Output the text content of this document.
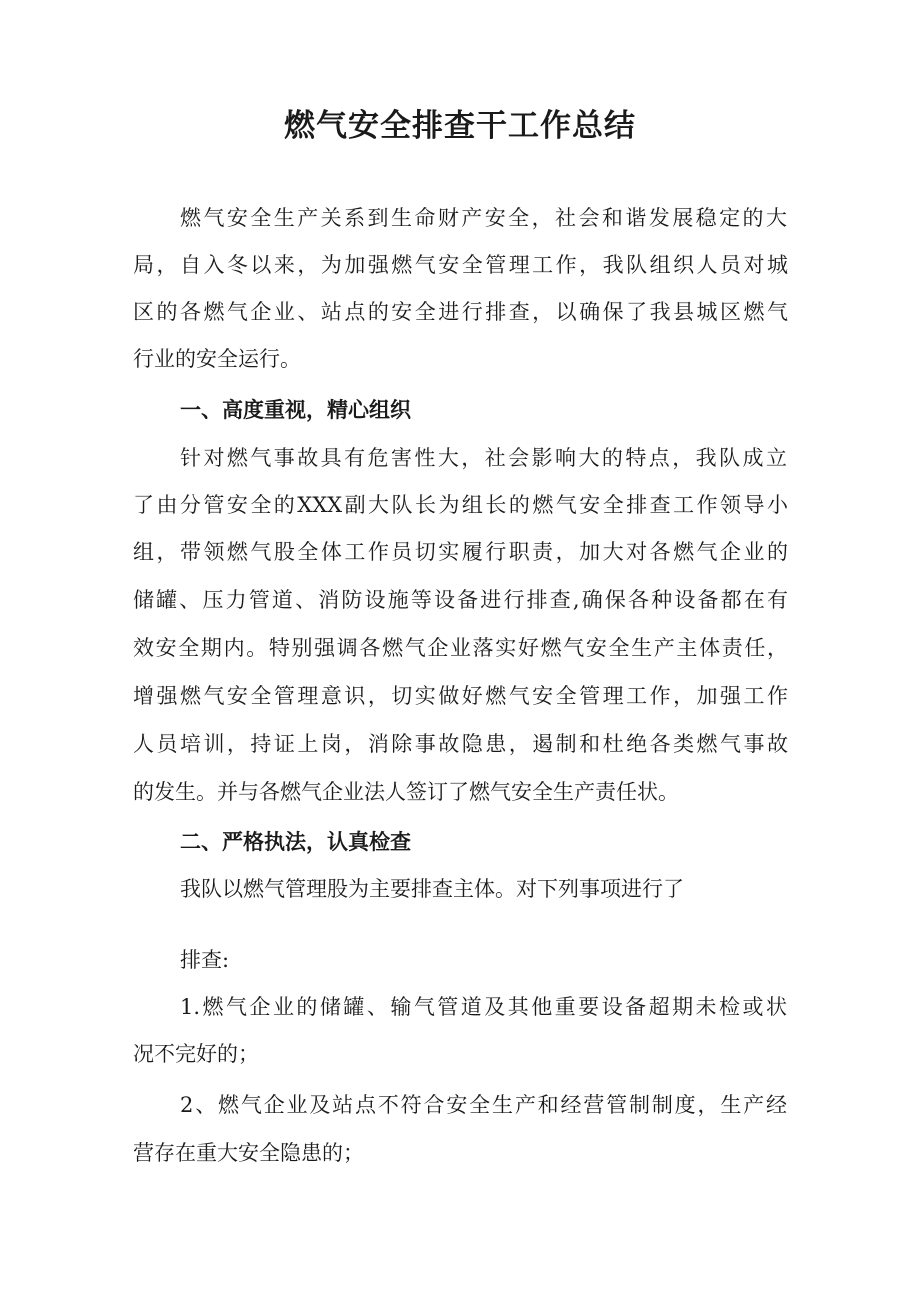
燃气安全排查干工作总结

燃气安全生产关系到生命财产安全，社会和谐发展稳定的大

局，自入冬以来，为加强燃气安全管理工作，我队组织人员对城

区的各燃气企业、站点的安全进行排查，以确保了我县城区燃气

行业的安全运行。

一、高度重视，精心组织

针对燃气事故具有危害性大，社会影响大的特点，我队成立

了由分管安全的XXX副大队长为组长的燃气安全排查工作领导小

组，带领燃气股全体工作员切实履行职责，加大对各燃气企业的

储罐、压力管道、消防设施等设备进行排查,确保各种设备都在有

效安全期内。特别强调各燃气企业落实好燃气安全生产主体责任，

增强燃气安全管理意识，切实做好燃气安全管理工作，加强工作

人员培训，持证上岗，消除事故隐患，遏制和杜绝各类燃气事故

的发生。并与各燃气企业法人签订了燃气安全生产责任状。

二、严格执法，认真检查

我队以燃气管理股为主要排查主体。对下列事项进行了

排查:

1.燃气企业的储罐、输气管道及其他重要设备超期未检或状

况不完好的；

2、燃气企业及站点不符合安全生产和经营管制制度，生产经

营存在重大安全隐患的；
